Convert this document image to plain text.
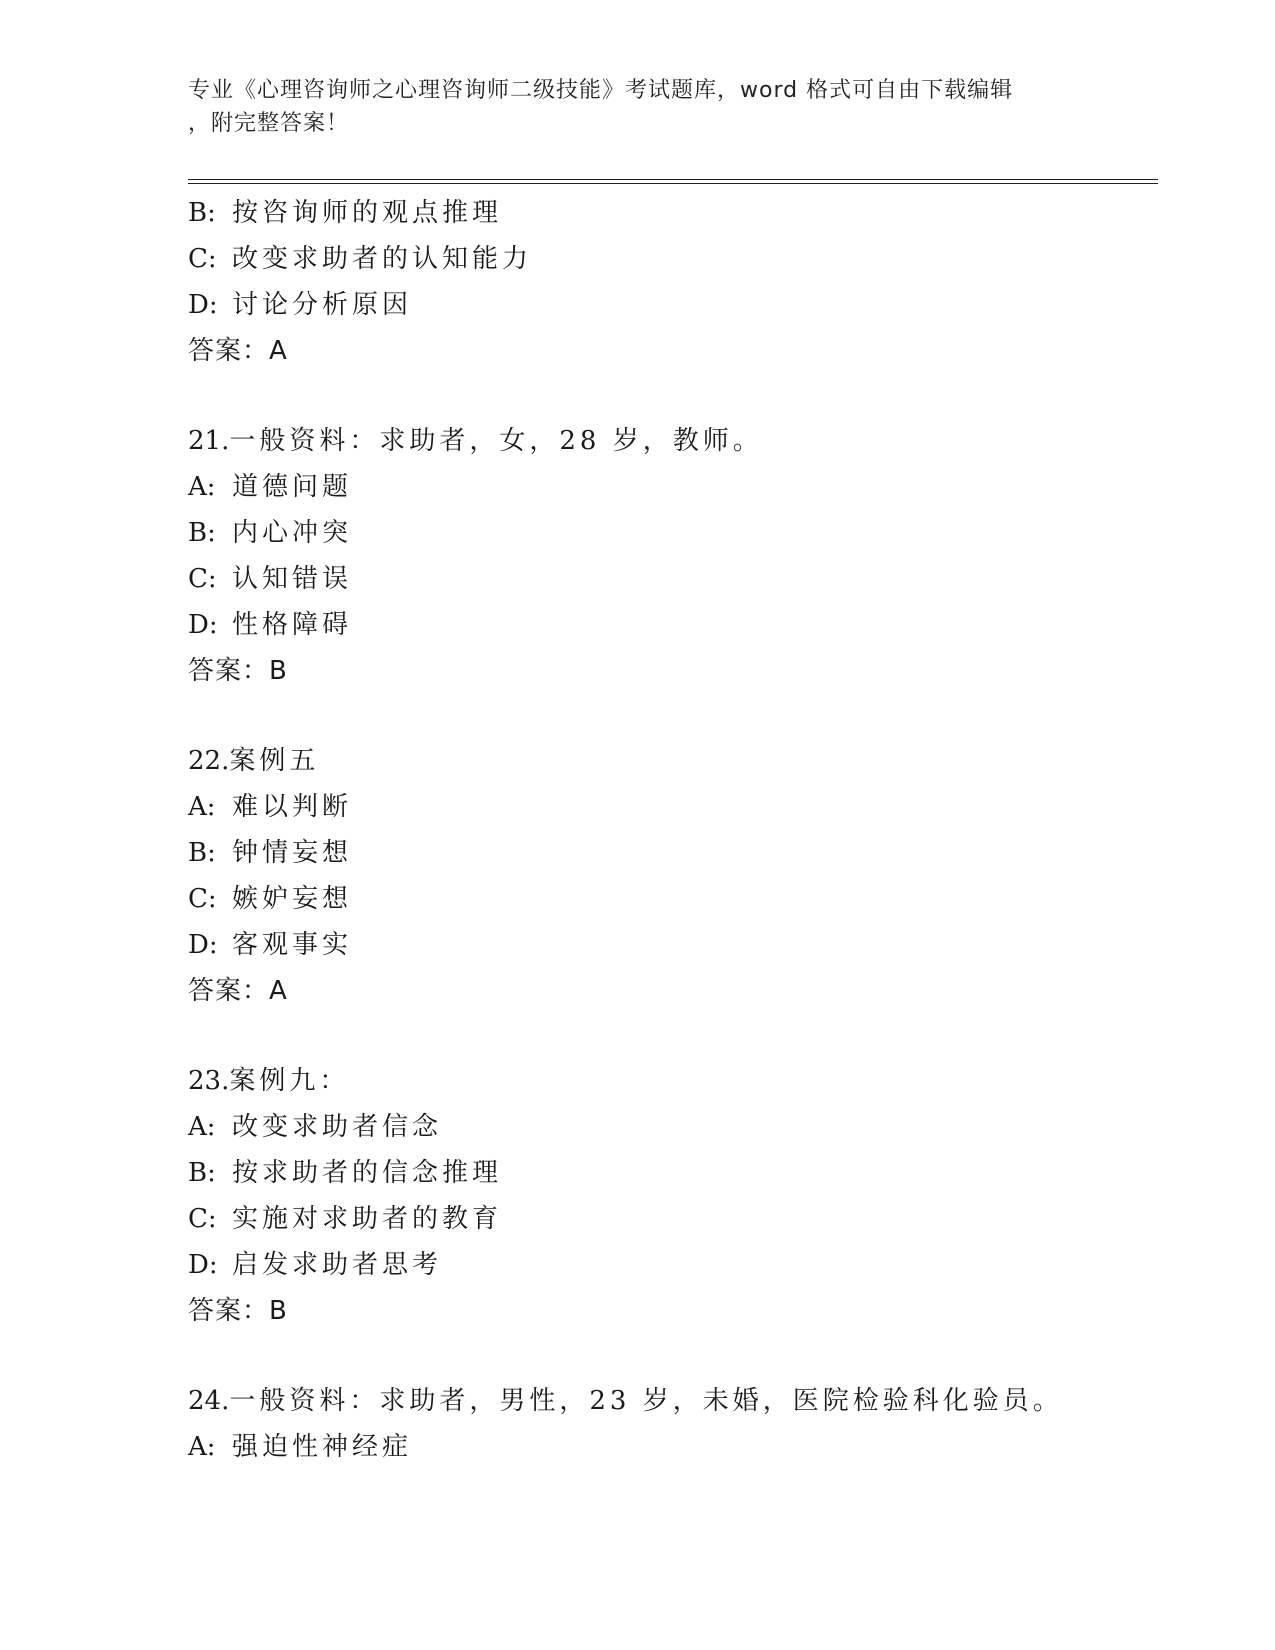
专业《心理咨询师之心理咨询师二级技能》考试题库，word 格式可自由下载编辑
，附完整答案！
B: 按咨询师的观点推理
C: 改变求助者的认知能力
D: 讨论分析原因
答案：A
21.一般资料：求助者，女，28 岁，教师。
A: 道德问题
B: 内心冲突
C: 认知错误
D: 性格障碍
答案：B
22.案例五
A: 难以判断
B: 钟情妄想
C: 嫉妒妄想
D: 客观事实
答案：A
23.案例九：
A: 改变求助者信念
B: 按求助者的信念推理
C: 实施对求助者的教育
D: 启发求助者思考
答案：B
24.一般资料：求助者，男性，23 岁，未婚，医院检验科化验员。
A: 强迫性神经症
